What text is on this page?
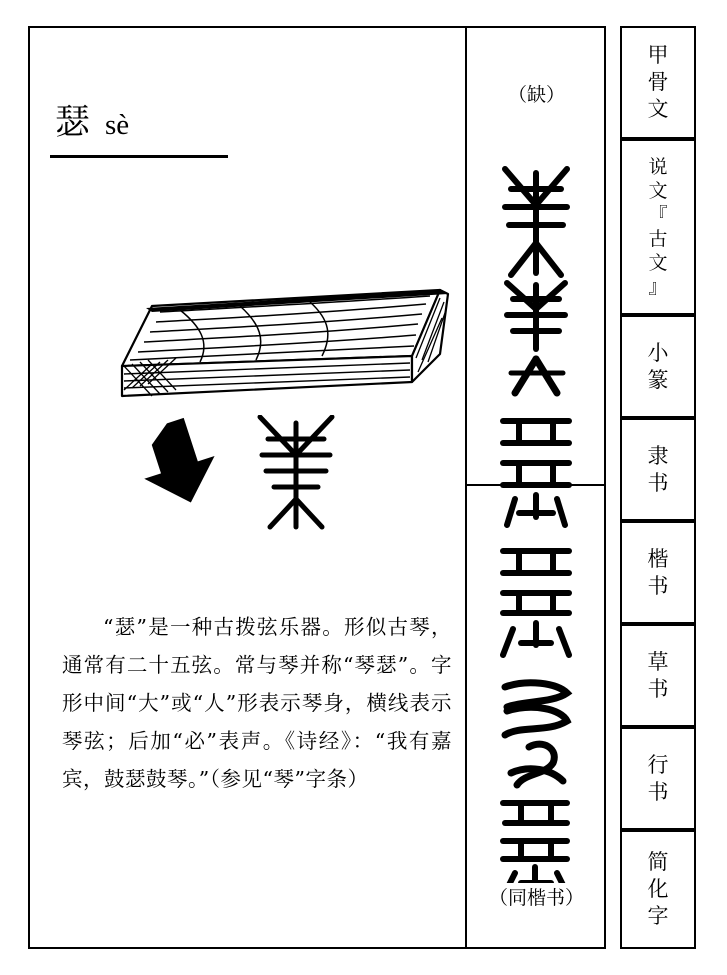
瑟 sè
“瑟”是一种古拨弦乐器。形似古琴，通常有二十五弦。常与琴并称“琴瑟”。字形中间“大”或“人”形表示琴身，横线表示琴弦；后加“必”表声。《诗经》：“我有嘉宾，鼓瑟鼓琴。”（参见“琴”字条）
（缺）
（同楷书）
甲
骨
文
说
文
『
古
文
』
小
篆
隶
书
楷
书
草
书
行
书
简
化
字
